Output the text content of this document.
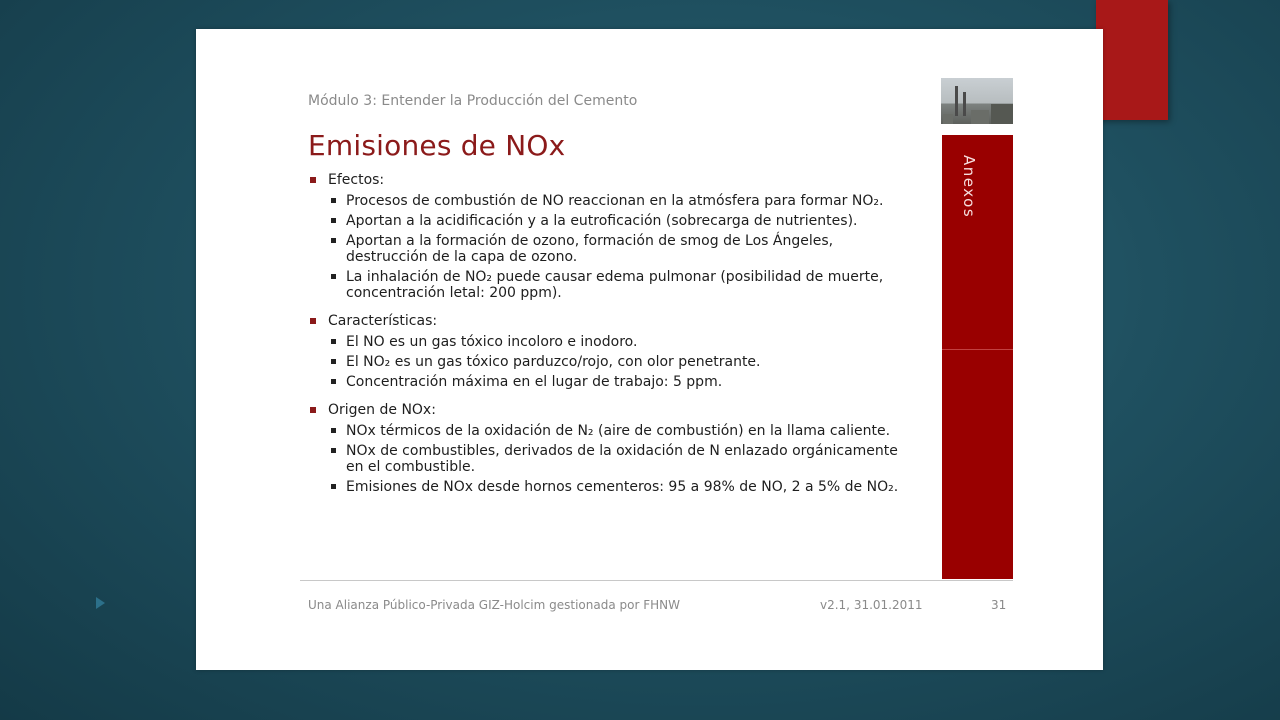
Módulo 3: Entender la Producción del Cemento
Emisiones de NOx
Anexos
Efectos:
Procesos de combustión de NO reaccionan en la atmósfera para formar NO₂.
Aportan a la acidificación y a la eutroficación (sobrecarga de nutrientes).
Aportan a la formación de ozono, formación de smog de Los Ángeles, destrucción de la capa de ozono.
La inhalación de NO₂ puede causar edema pulmonar (posibilidad de muerte, concentración letal: 200 ppm).
Características:
El NO es un gas tóxico incoloro e inodoro.
El NO₂ es un gas tóxico parduzco/rojo, con olor penetrante.
Concentración máxima en el lugar de trabajo: 5 ppm.
Origen de NOx:
NOx térmicos de la oxidación de N₂ (aire de combustión) en la llama caliente.
NOx de combustibles, derivados de la oxidación de N enlazado orgánicamente en el combustible.
Emisiones de NOx desde hornos cementeros: 95 a 98% de NO, 2 a 5% de NO₂.
Una Alianza Público-Privada GIZ-Holcim gestionada por FHNW	v2.1, 31.01.2011	31
